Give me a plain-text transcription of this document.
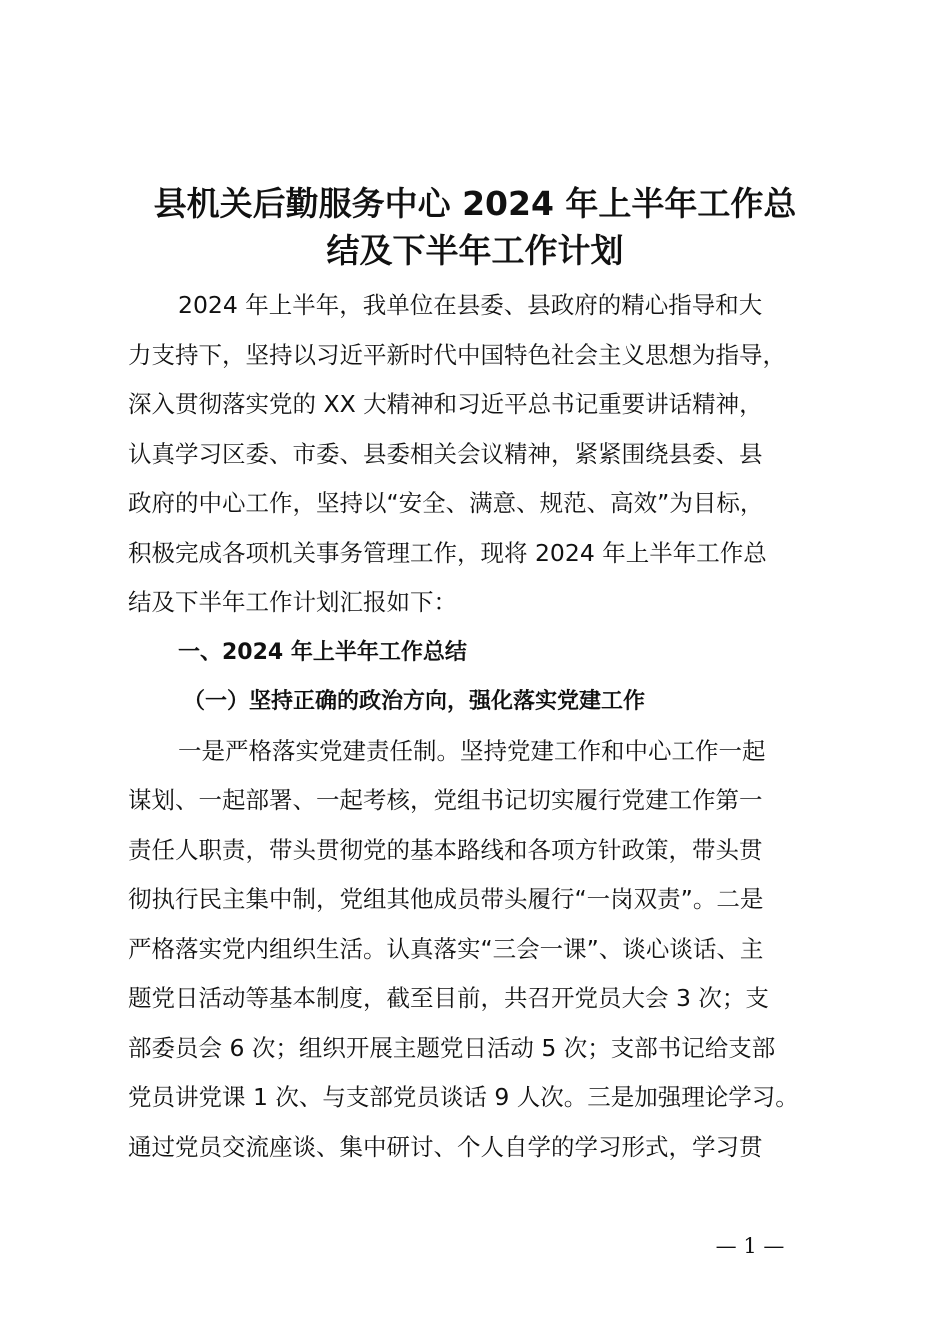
县机关后勤服务中心 2024 年上半年工作总
结及下半年工作计划
2024 年上半年，我单位在县委、县政府的精心指导和大
力支持下，坚持以习近平新时代中国特色社会主义思想为指导，
深入贯彻落实党的 XX 大精神和习近平总书记重要讲话精神，
认真学习区委、市委、县委相关会议精神，紧紧围绕县委、县
政府的中心工作，坚持以“安全、满意、规范、高效”为目标，
积极完成各项机关事务管理工作，现将 2024 年上半年工作总
结及下半年工作计划汇报如下：
一、2024 年上半年工作总结
（一）坚持正确的政治方向，强化落实党建工作
一是严格落实党建责任制。坚持党建工作和中心工作一起
谋划、一起部署、一起考核，党组书记切实履行党建工作第一
责任人职责，带头贯彻党的基本路线和各项方针政策，带头贯
彻执行民主集中制，党组其他成员带头履行“一岗双责”。二是
严格落实党内组织生活。认真落实“三会一课”、谈心谈话、主
题党日活动等基本制度，截至目前，共召开党员大会 3 次；支
部委员会 6 次；组织开展主题党日活动 5 次；支部书记给支部
党员讲党课 1 次、与支部党员谈话 9 人次。三是加强理论学习。
通过党员交流座谈、集中研讨、个人自学的学习形式，学习贯
— 1 —
